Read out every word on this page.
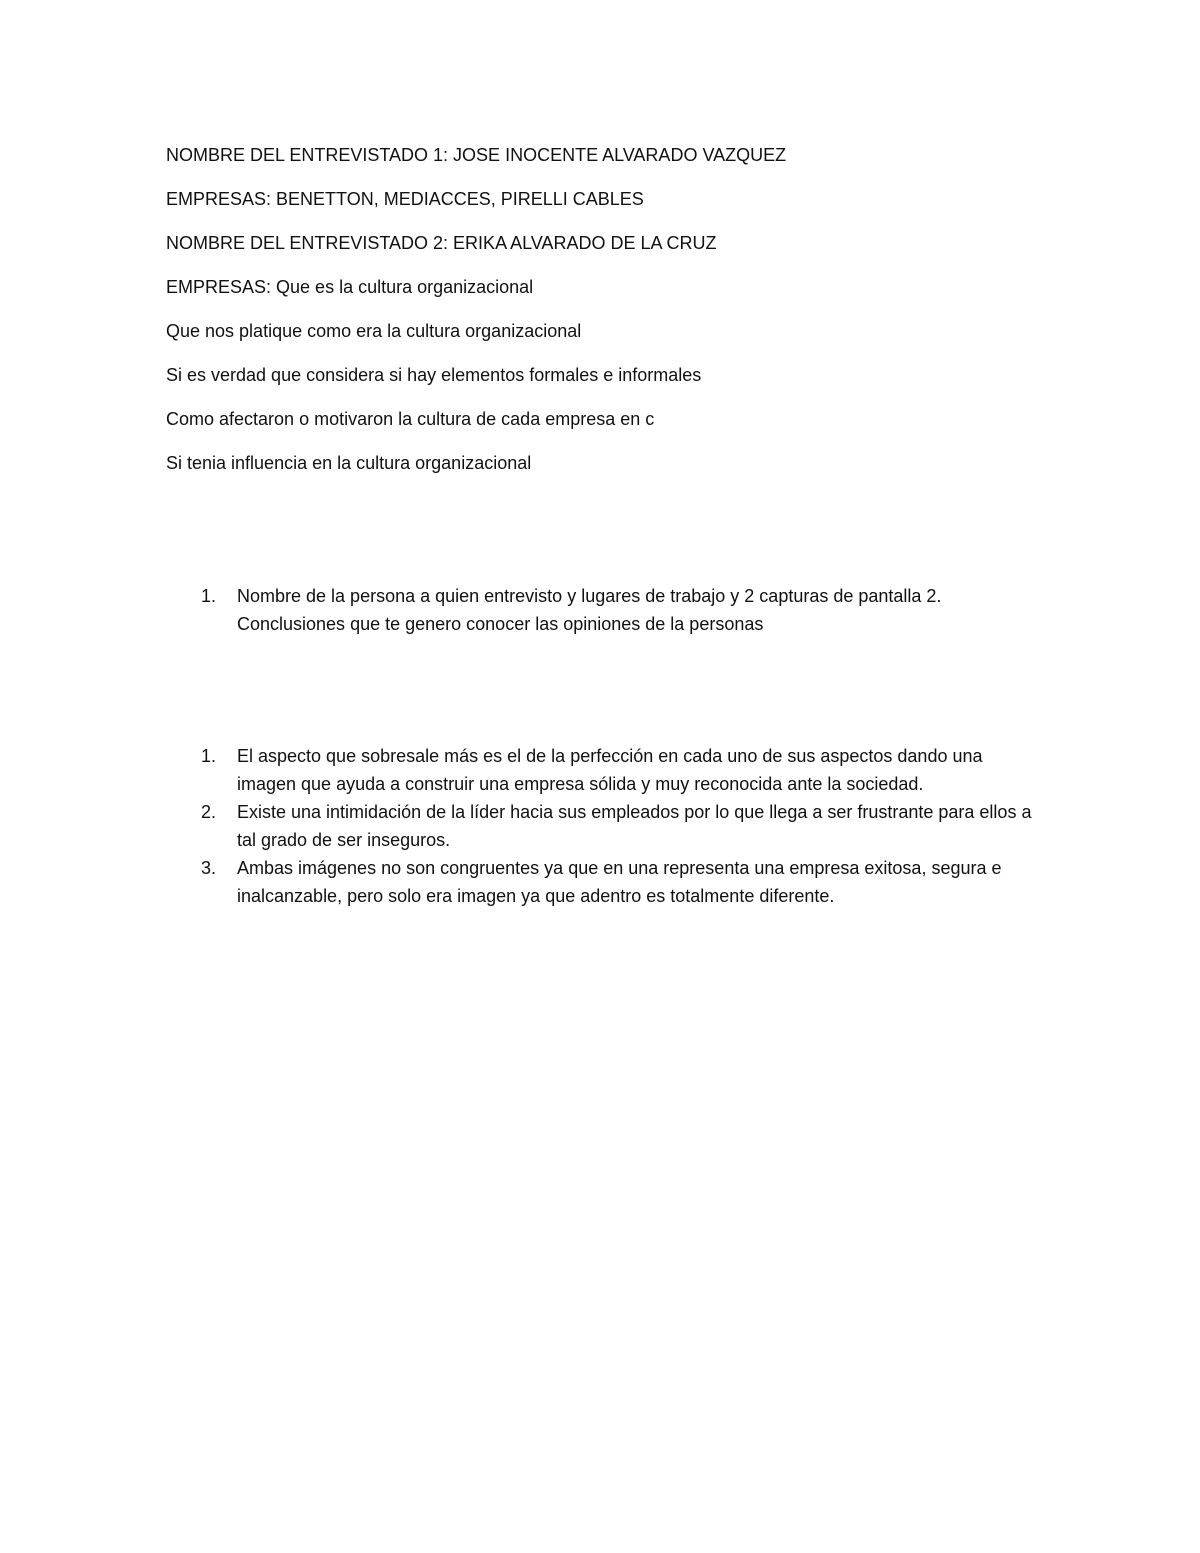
NOMBRE DEL ENTREVISTADO 1: JOSE INOCENTE ALVARADO VAZQUEZ

EMPRESAS: BENETTON, MEDIACCES, PIRELLI CABLES

NOMBRE DEL ENTREVISTADO 2: ERIKA ALVARADO DE LA CRUZ

EMPRESAS: Que es la cultura organizacional

Que nos platique como era la cultura organizacional

Si es verdad que considera si hay elementos formales e informales

Como afectaron o motivaron la cultura de cada empresa en c

Si tenia influencia en la cultura organizacional

1. Nombre de la persona a quien entrevisto y lugares de trabajo y 2 capturas de pantalla 2. Conclusiones que te genero conocer las opiniones de la personas
1. El aspecto que sobresale más es el de la perfección en cada uno de sus aspectos dando una imagen que ayuda a construir una empresa sólida y muy reconocida ante la sociedad.
2. Existe una intimidación de la líder hacia sus empleados por lo que llega a ser frustrante para ellos a tal grado de ser inseguros.
3. Ambas imágenes no son congruentes ya que en una representa una empresa exitosa, segura e inalcanzable, pero solo era imagen ya que adentro es totalmente diferente.
